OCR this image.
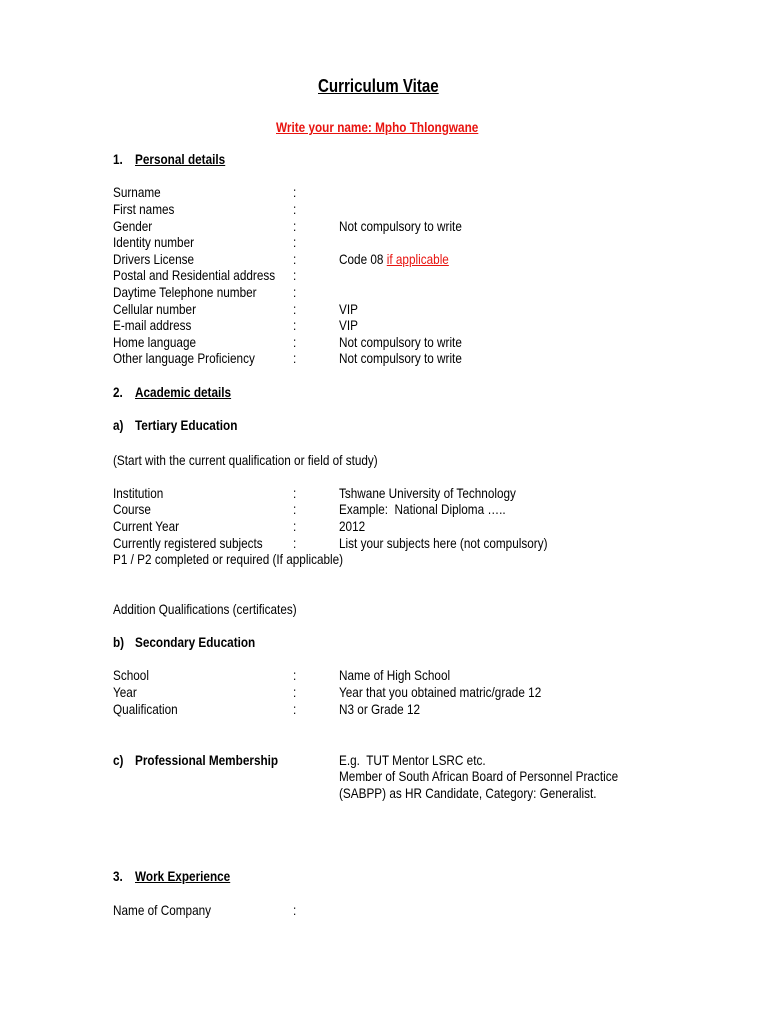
Curriculum Vitae
Write your name: Mpho Thlongwane
1. Personal details
Surname	:
First names	:
Gender	:	Not compulsory to write
Identity number	:
Drivers License	:	Code 08 if applicable
Postal and Residential address :
Daytime Telephone number	:
Cellular number	:	VIP
E-mail address	:	VIP
Home language	:	Not compulsory to write
Other language Proficiency	:	Not compulsory to write
2. Academic details
a) Tertiary Education
(Start with the current qualification or field of study)
Institution	:	Tshwane University of Technology
Course	:	Example:  National Diploma …..
Current Year	:	2012
Currently registered subjects :	List your subjects here (not compulsory)
P1 / P2 completed or required (If applicable)
Addition Qualifications (certificates)
b) Secondary Education
School	:	Name of High School
Year	:	Year that you obtained matric/grade 12
Qualification	:	N3 or Grade 12
c) Professional Membership	E.g.  TUT Mentor LSRC etc.
Member of South African Board of Personnel Practice
(SABPP) as HR Candidate, Category: Generalist.
3. Work Experience
Name of Company	:
